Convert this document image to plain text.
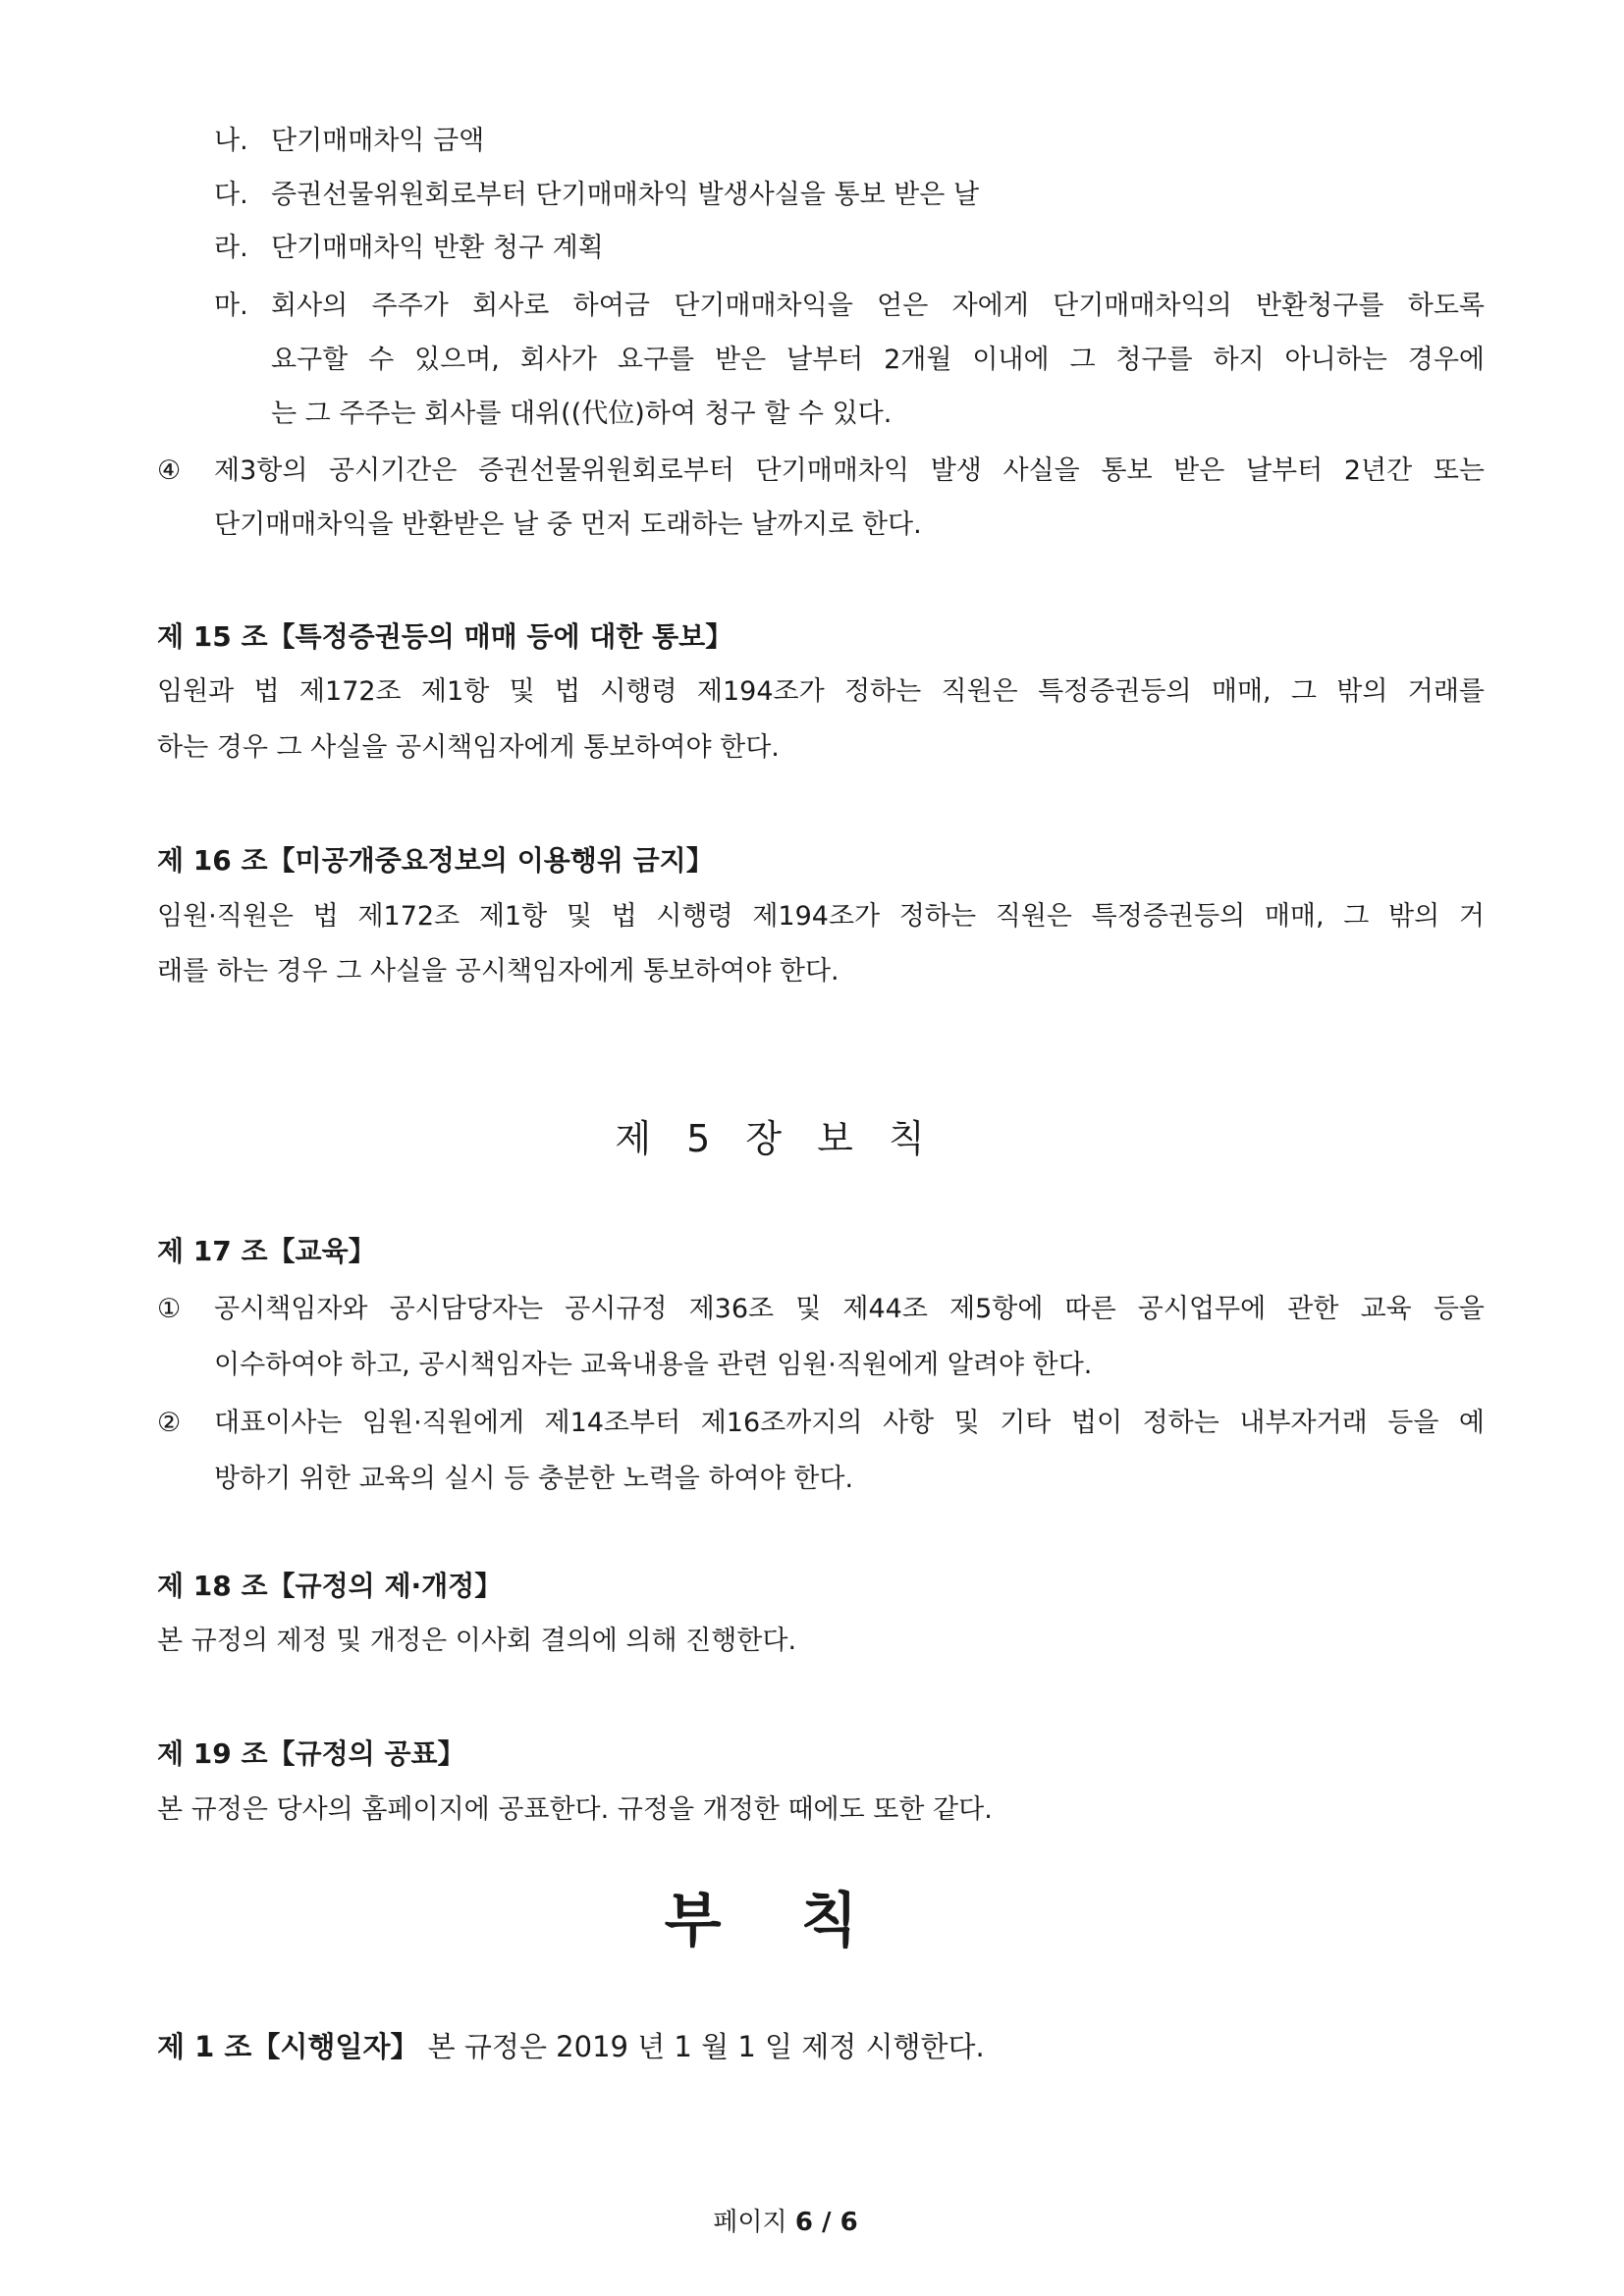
나. 단기매매차익 금액
다. 증권선물위원회로부터 단기매매차익 발생사실을 통보 받은 날
라. 단기매매차익 반환 청구 계획
마. 회사의 주주가 회사로 하여금 단기매매차익을 얻은 자에게 단기매매차익의 반환청구를 하도록
요구할 수 있으며, 회사가 요구를 받은 날부터 2개월 이내에 그 청구를 하지 아니하는 경우에
는 그 주주는 회사를 대위((代位)하여 청구 할 수 있다.
④ 제3항의 공시기간은 증권선물위원회로부터 단기매매차익 발생 사실을 통보 받은 날부터 2년간 또는
단기매매차익을 반환받은 날 중 먼저 도래하는 날까지로 한다.
제 15 조【특정증권등의 매매 등에 대한 통보】
임원과 법 제172조 제1항 및 법 시행령 제194조가 정하는 직원은 특정증권등의 매매, 그 밖의 거래를
하는 경우 그 사실을 공시책임자에게 통보하여야 한다.
제 16 조【미공개중요정보의 이용행위 금지】
임원·직원은 법 제172조 제1항 및 법 시행령 제194조가 정하는 직원은 특정증권등의 매매, 그 밖의 거
래를 하는 경우 그 사실을 공시책임자에게 통보하여야 한다.
제 5 장 보 칙
제 17 조【교육】
① 공시책임자와 공시담당자는 공시규정 제36조 및 제44조 제5항에 따른 공시업무에 관한 교육 등을
이수하여야 하고, 공시책임자는 교육내용을 관련 임원·직원에게 알려야 한다.
② 대표이사는 임원·직원에게 제14조부터 제16조까지의 사항 및 기타 법이 정하는 내부자거래 등을 예
방하기 위한 교육의 실시 등 충분한 노력을 하여야 한다.
제 18 조【규정의 제·개정】
본 규정의 제정 및 개정은 이사회 결의에 의해 진행한다.
제 19 조【규정의 공표】
본 규정은 당사의 홈페이지에 공표한다. 규정을 개정한 때에도 또한 같다.
부 칙
제 1 조【시행일자】 본 규정은 2019 년 1 월 1 일 제정 시행한다.
페이지 6 / 6
